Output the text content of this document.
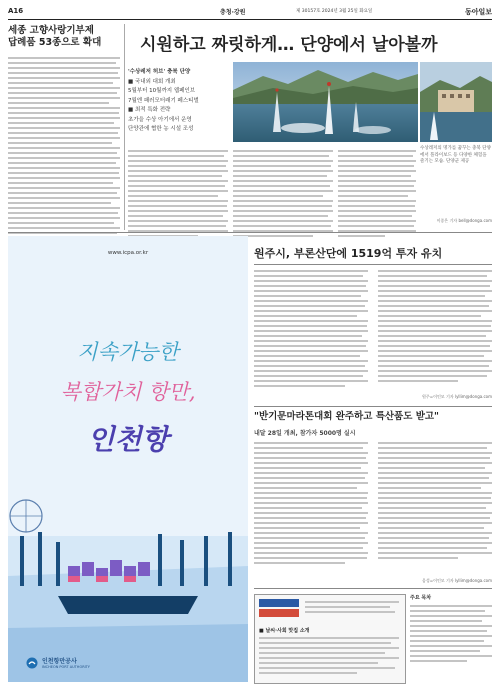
A16	충청·강원	제 30157호 2024년 3월 25일 화요일	동아일보
세종 고향사랑기부제
답례품 53종으로 확대	시원하고 짜릿하게… 단양에서 날아볼까
'수상레저 허브' 충북 단양
■ 국내외 대회 개최
5월부터 10월까지 웹페인브
7월엔 패러모터래기 페스티벌
■ 최적 특화 전략
초가을 수상 아기에서 운영
단양관에 협한 농 시설 조성
수상레저의 명가를 꿈꾸는 충북 단양에서 플라이보드 등 다양한 체험을 즐기는 모습. 단양군 제공
이종은 기자 bell@donga.com
www.icpa.or.kr
지속가능한
복합가치 항만,
인천항
인천항만공사
INCHEON PORT AUTHORITY
원주시, 부론산단에 1519억 투자 유치
원주=이인모 기자 lyllim@donga.com
"반기문마라톤대회 완주하고 특산품도 받고"
내달 28일 개최, 참가자 5000명 실시
음성=이인모 기자 lyllim@donga.com
■ 날씨·사회 맛집 소개
주요 목차
